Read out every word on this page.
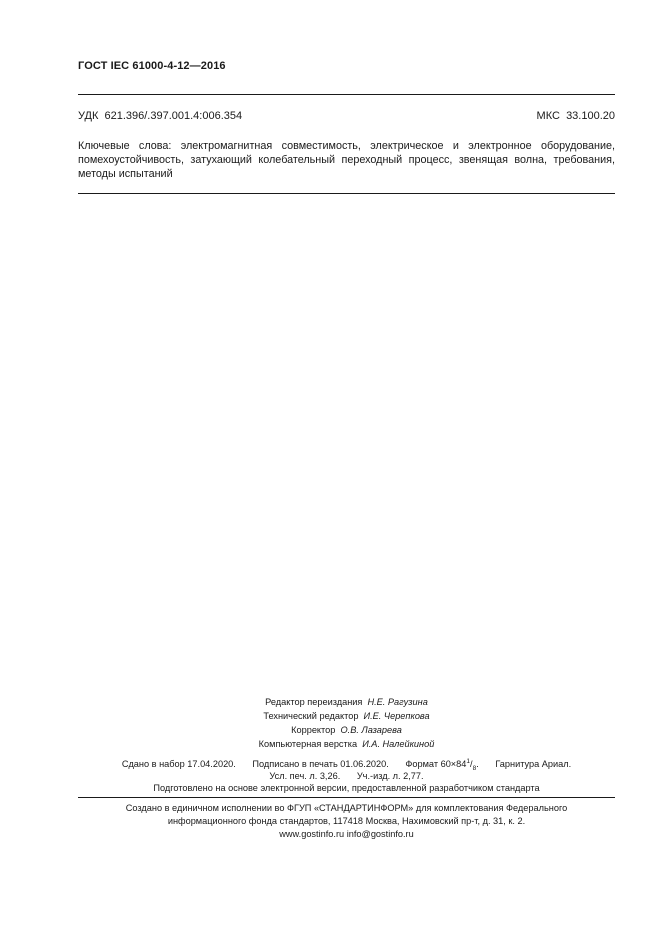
ГОСТ IEC 61000-4-12—2016
УДК 621.396/.397.001.4:006.354	МКС 33.100.20
Ключевые слова: электромагнитная совместимость, электрическое и электронное оборудование,
помехоустойчивость, затухающий колебательный переходный процесс, звенящая волна, требования,
методы испытаний
Редактор переиздания Н.Е. Рагузина
Технический редактор И.Е. Черепкова
Корректор О.В. Лазарева
Компьютерная верстка И.А. Налейкиной
Сдано в набор 17.04.2020. Подписано в печать 01.06.2020. Формат $60\times 84^1/_8$. Гарнитура Ариал.
Усл. печ. л. 3,26. Уч.-изд. л. 2,77.
Подготовлено на основе электронной версии, предоставленной разработчиком стандарта
Создано в единичном исполнении во ФГУП «СТАНДАРТИНФОРМ» для комплектования Федерального
информационного фонда стандартов, 117418 Москва, Нахимовский пр-т, д. 31, к. 2.
www.gostinfo.ru info@gostinfo.ru
